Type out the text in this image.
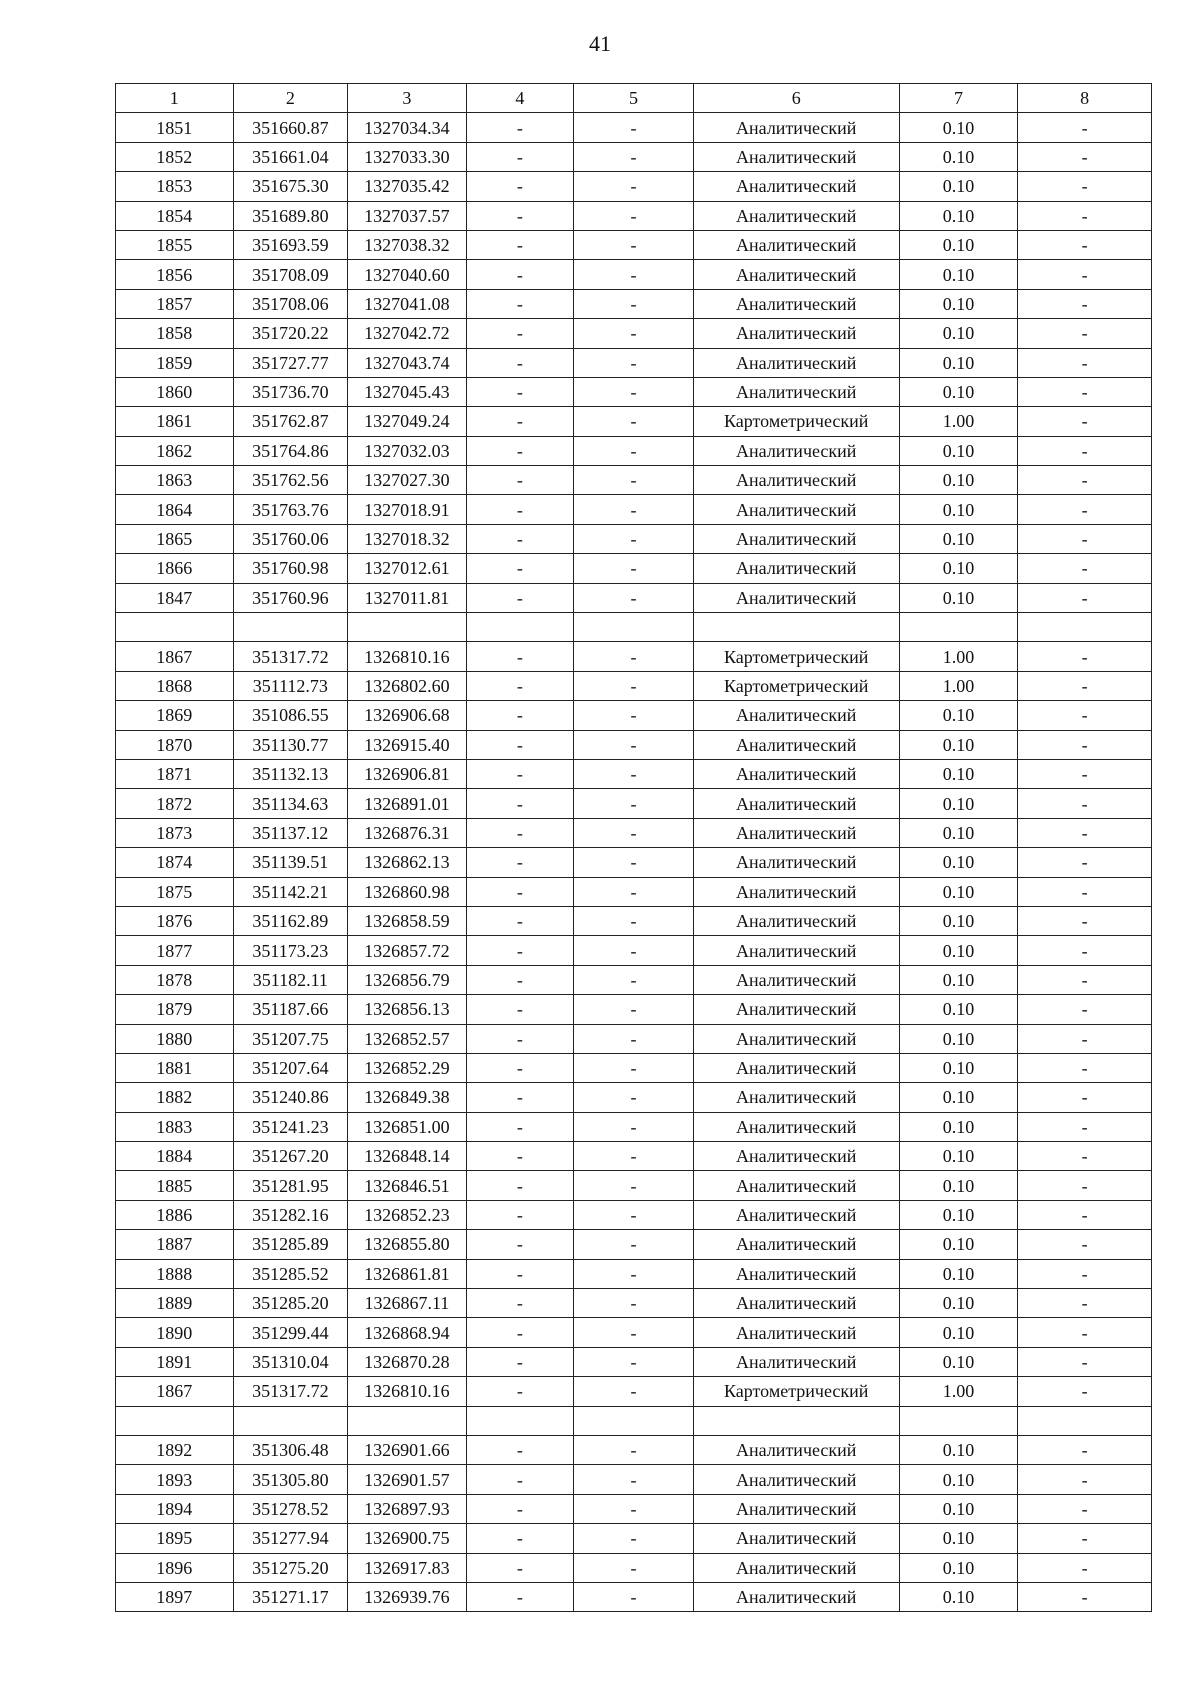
41
1	2	3	4	5	6	7	8
1851	351660.87	1327034.34	-	-	Аналитический	0.10	-
1852	351661.04	1327033.30	-	-	Аналитический	0.10	-
1853	351675.30	1327035.42	-	-	Аналитический	0.10	-
1854	351689.80	1327037.57	-	-	Аналитический	0.10	-
1855	351693.59	1327038.32	-	-	Аналитический	0.10	-
1856	351708.09	1327040.60	-	-	Аналитический	0.10	-
1857	351708.06	1327041.08	-	-	Аналитический	0.10	-
1858	351720.22	1327042.72	-	-	Аналитический	0.10	-
1859	351727.77	1327043.74	-	-	Аналитический	0.10	-
1860	351736.70	1327045.43	-	-	Аналитический	0.10	-
1861	351762.87	1327049.24	-	-	Картометрический	1.00	-
1862	351764.86	1327032.03	-	-	Аналитический	0.10	-
1863	351762.56	1327027.30	-	-	Аналитический	0.10	-
1864	351763.76	1327018.91	-	-	Аналитический	0.10	-
1865	351760.06	1327018.32	-	-	Аналитический	0.10	-
1866	351760.98	1327012.61	-	-	Аналитический	0.10	-
1847	351760.96	1327011.81	-	-	Аналитический	0.10	-

1867	351317.72	1326810.16	-	-	Картометрический	1.00	-
1868	351112.73	1326802.60	-	-	Картометрический	1.00	-
1869	351086.55	1326906.68	-	-	Аналитический	0.10	-
1870	351130.77	1326915.40	-	-	Аналитический	0.10	-
1871	351132.13	1326906.81	-	-	Аналитический	0.10	-
1872	351134.63	1326891.01	-	-	Аналитический	0.10	-
1873	351137.12	1326876.31	-	-	Аналитический	0.10	-
1874	351139.51	1326862.13	-	-	Аналитический	0.10	-
1875	351142.21	1326860.98	-	-	Аналитический	0.10	-
1876	351162.89	1326858.59	-	-	Аналитический	0.10	-
1877	351173.23	1326857.72	-	-	Аналитический	0.10	-
1878	351182.11	1326856.79	-	-	Аналитический	0.10	-
1879	351187.66	1326856.13	-	-	Аналитический	0.10	-
1880	351207.75	1326852.57	-	-	Аналитический	0.10	-
1881	351207.64	1326852.29	-	-	Аналитический	0.10	-
1882	351240.86	1326849.38	-	-	Аналитический	0.10	-
1883	351241.23	1326851.00	-	-	Аналитический	0.10	-
1884	351267.20	1326848.14	-	-	Аналитический	0.10	-
1885	351281.95	1326846.51	-	-	Аналитический	0.10	-
1886	351282.16	1326852.23	-	-	Аналитический	0.10	-
1887	351285.89	1326855.80	-	-	Аналитический	0.10	-
1888	351285.52	1326861.81	-	-	Аналитический	0.10	-
1889	351285.20	1326867.11	-	-	Аналитический	0.10	-
1890	351299.44	1326868.94	-	-	Аналитический	0.10	-
1891	351310.04	1326870.28	-	-	Аналитический	0.10	-
1867	351317.72	1326810.16	-	-	Картометрический	1.00	-

1892	351306.48	1326901.66	-	-	Аналитический	0.10	-
1893	351305.80	1326901.57	-	-	Аналитический	0.10	-
1894	351278.52	1326897.93	-	-	Аналитический	0.10	-
1895	351277.94	1326900.75	-	-	Аналитический	0.10	-
1896	351275.20	1326917.83	-	-	Аналитический	0.10	-
1897	351271.17	1326939.76	-	-	Аналитический	0.10	-
